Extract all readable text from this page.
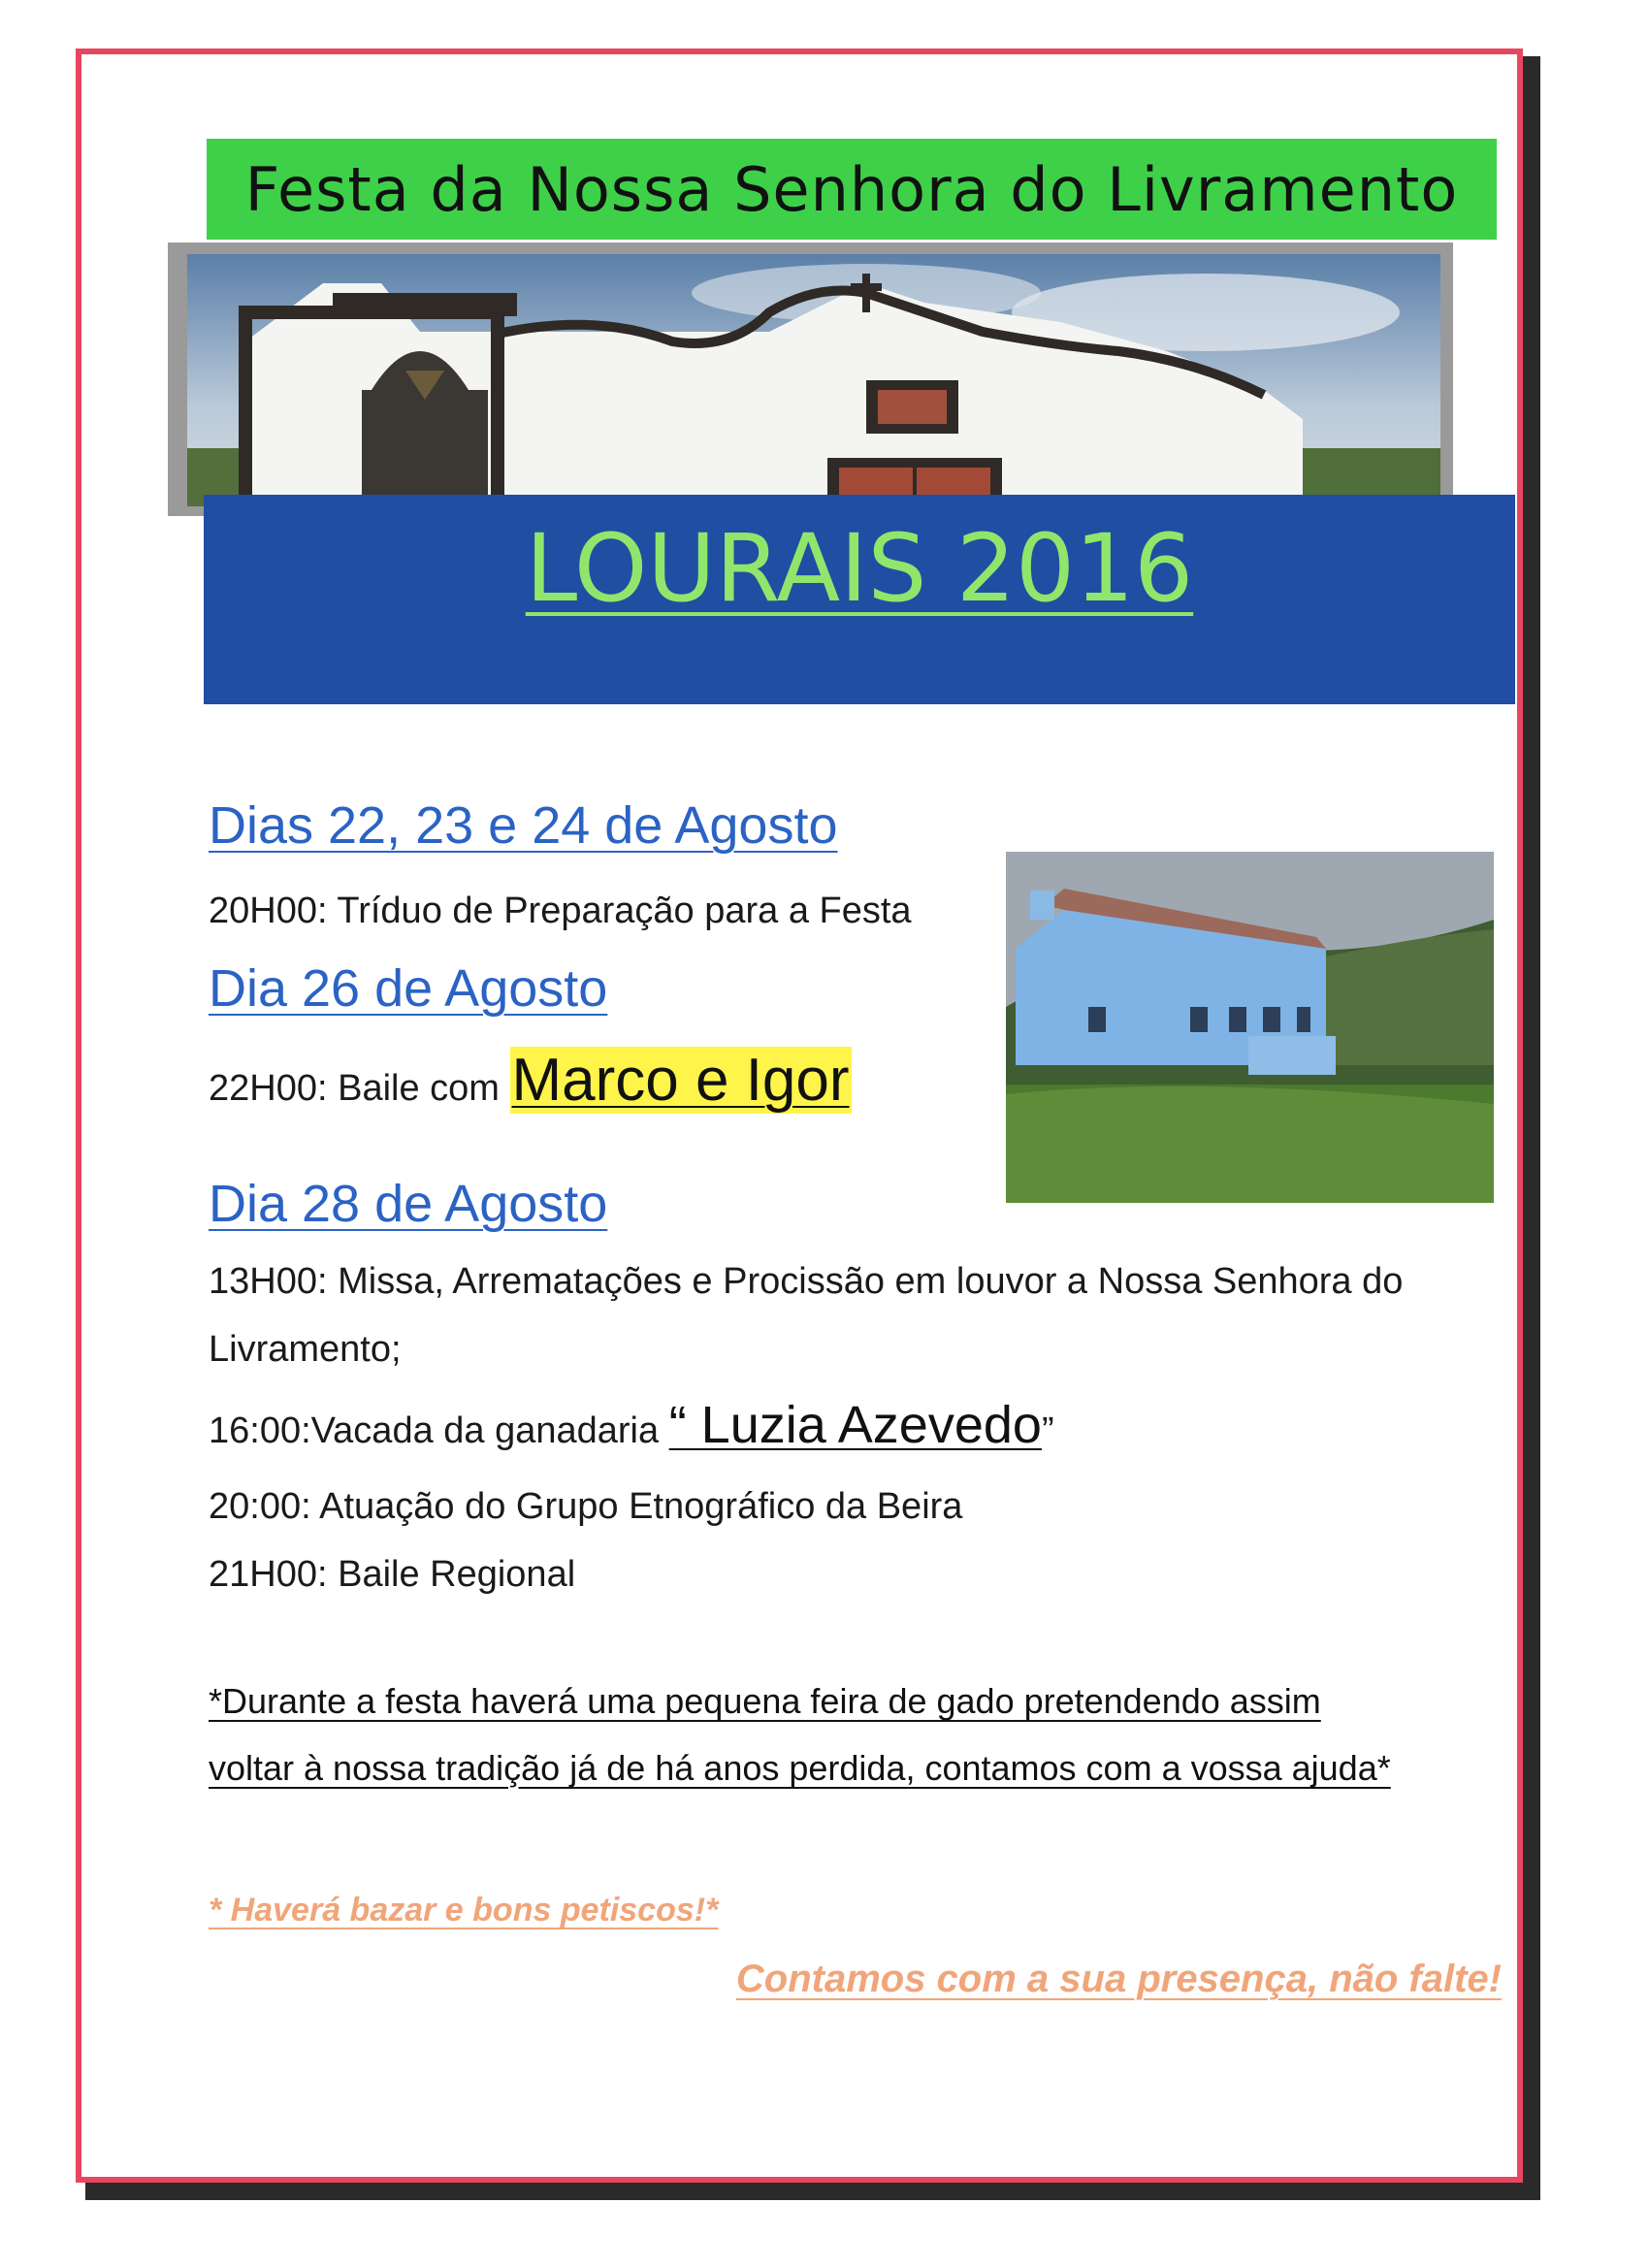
Festa da Nossa Senhora do Livramento
LOURAIS 2016
Dias 22, 23 e 24 de Agosto
20H00: Tríduo de Preparação para a Festa
Dia 26 de Agosto
22H00: Baile com Marco e Igor
Dia 28 de Agosto
13H00: Missa, Arrematações e Procissão em louvor a Nossa Senhora do
Livramento;
16:00:Vacada da ganadaria “ Luzia Azevedo”
20:00: Atuação do Grupo Etnográfico da Beira
21H00: Baile Regional
*Durante a festa haverá uma pequena feira de gado pretendendo assim
voltar à nossa tradição já de há anos perdida, contamos com a vossa ajuda*
* Haverá bazar e bons petiscos!*
Contamos com a sua presença, não falte!
